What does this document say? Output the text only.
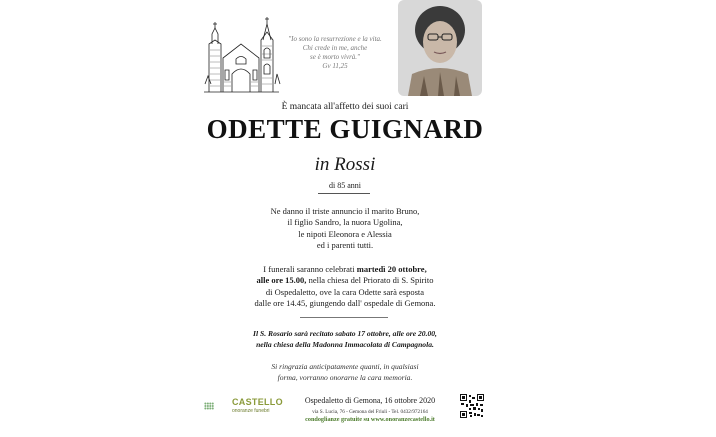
"Io sono la resurrezione e la vita.
Chi crede in me, anche
se è morto vivrà."
Gv 11,25
È mancata all'affetto dei suoi cari
ODETTE GUIGNARD
in Rossi
di 85 anni
Ne danno il triste annuncio il marito Bruno,
il figlio Sandro, la nuora Ugolina,
le nipoti Eleonora e Alessia
ed i parenti tutti.
I funerali saranno celebrati martedì 20 ottobre,
alle ore 15.00, nella chiesa del Priorato di S. Spirito
di Ospedaletto, ove la cara Odette sarà esposta
dalle ore 14.45, giungendo dall' ospedale di Gemona.
Il S. Rosario sarà recitato sabato 17 ottobre, alle ore 20.00,
nella chiesa della Madonna Immacolata di Campagnola.
Si ringrazia anticipatamente quanti, in qualsiasi
forma, vorranno onorarne la cara memoria.
CASTELLO
onoranze funebri
Ospedaletto di Gemona, 16 ottobre 2020
via S. Lucia, 76 - Gemona del Friuli - Tel. 0432/972164
condoglianze gratuite su www.onoranzecastello.it
